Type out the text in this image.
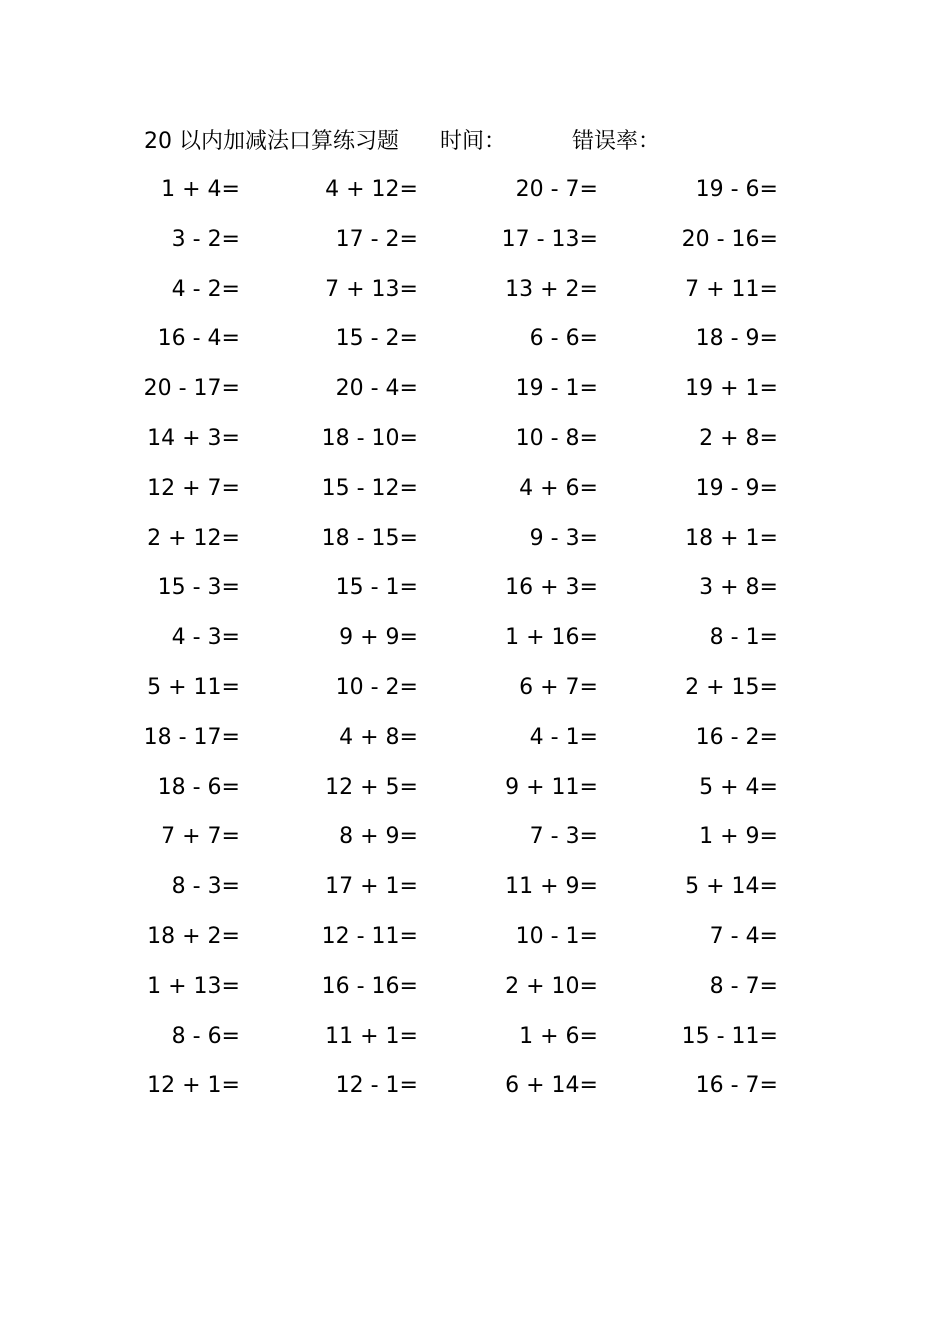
20 以内加减法口算练习题 时间：	错误率：
1 + 4=	4 + 12=	20 - 7=	19 - 6=
3 - 2=	17 - 2=	17 - 13=	20 - 16=
4 - 2=	7 + 13=	13 + 2=	7 + 11=
16 - 4=	15 - 2=	6 - 6=	18 - 9=
20 - 17=	20 - 4=	19 - 1=	19 + 1=
14 + 3=	18 - 10=	10 - 8=	2 + 8=
12 + 7=	15 - 12=	4 + 6=	19 - 9=
2 + 12=	18 - 15=	9 - 3=	18 + 1=
15 - 3=	15 - 1=	16 + 3=	3 + 8=
4 - 3=	9 + 9=	1 + 16=	8 - 1=
5 + 11=	10 - 2=	6 + 7=	2 + 15=
18 - 17=	4 + 8=	4 - 1=	16 - 2=
18 - 6=	12 + 5=	9 + 11=	5 + 4=
7 + 7=	8 + 9=	7 - 3=	1 + 9=
8 - 3=	17 + 1=	11 + 9=	5 + 14=
18 + 2=	12 - 11=	10 - 1=	7 - 4=
1 + 13=	16 - 16=	2 + 10=	8 - 7=
8 - 6=	11 + 1=	1 + 6=	15 - 11=
12 + 1=	12 - 1=	6 + 14=	16 - 7=
